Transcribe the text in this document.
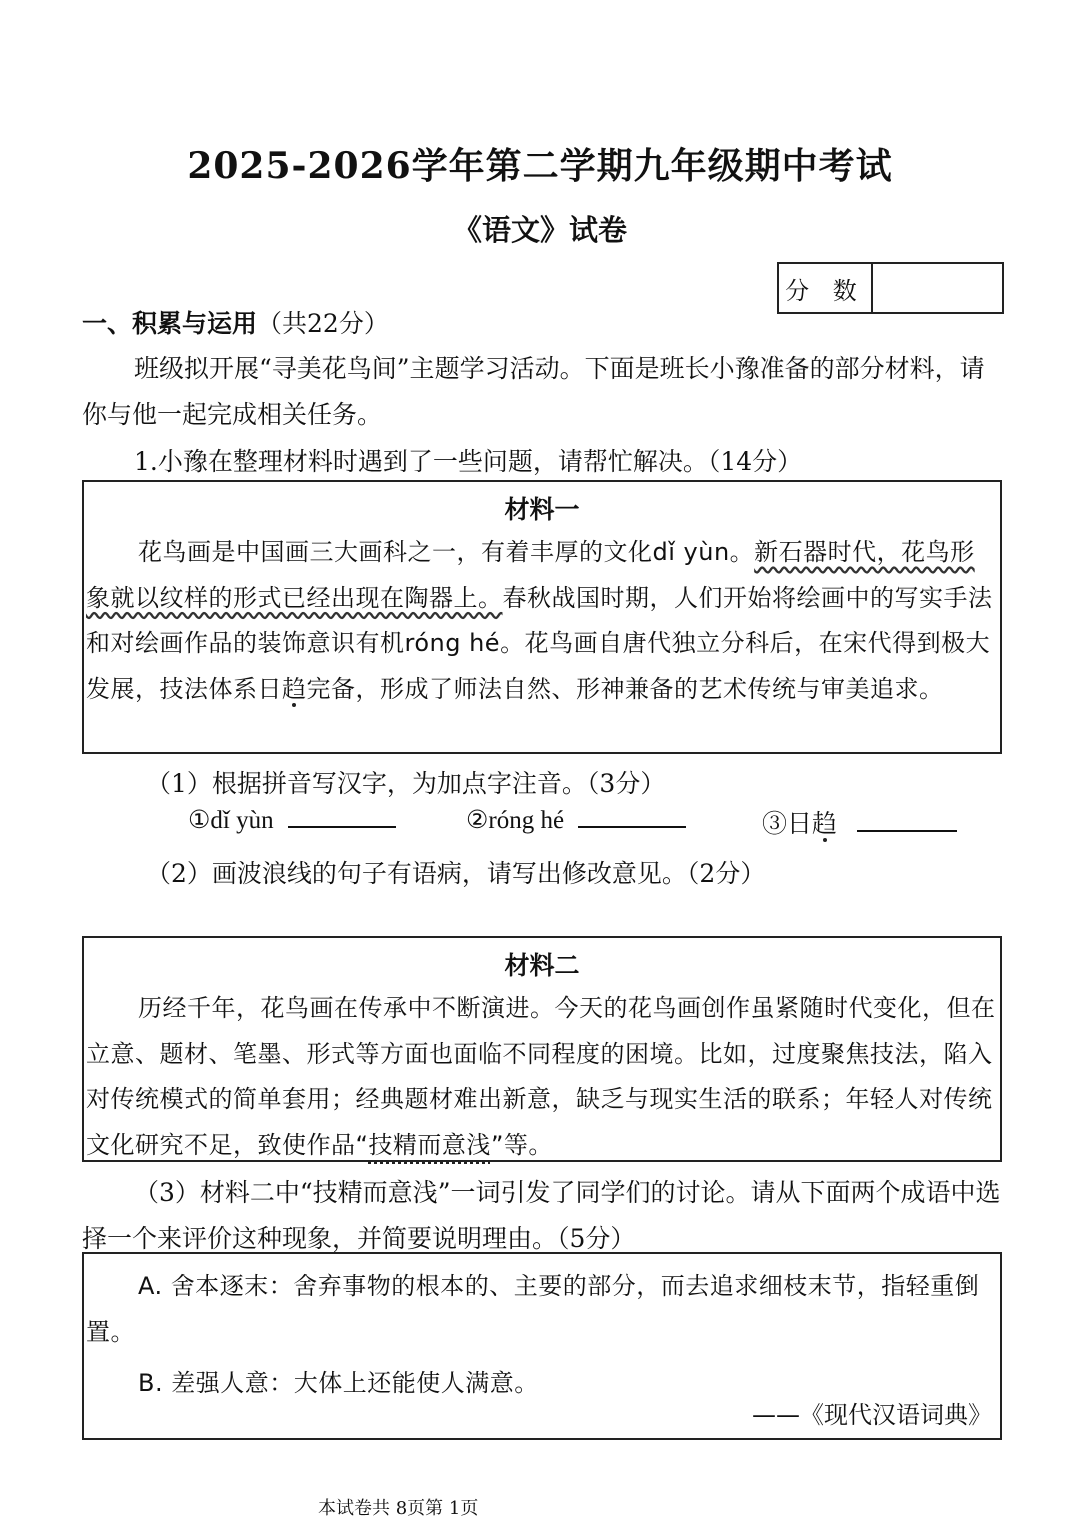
2025-2026学年第二学期九年级期中考试
《语文》试卷
分 数
一、积累与运用（共22分）
班级拟开展“寻美花鸟间”主题学习活动。下面是班长小豫准备的部分材料，请你与他一起完成相关任务。
1.小豫在整理材料时遇到了一些问题，请帮忙解决。（14分）
材料一
花鸟画是中国画三大画科之一，有着丰厚的文化dǐ yùn。新石器时代，花鸟形象就以纹样的形式已经出现在陶器上。春秋战国时期，人们开始将绘画中的写实手法和对绘画作品的装饰意识有机róng hé。花鸟画自唐代独立分科后，在宋代得到极大发展，技法体系日趋完备，形成了师法自然、形神兼备的艺术传统与审美追求。
（1）根据拼音写汉字，为加点字注音。（3分）
①dǐ yùn	②róng hé	③日趋
（2）画波浪线的句子有语病，请写出修改意见。（2分）
材料二
历经千年，花鸟画在传承中不断演进。今天的花鸟画创作虽紧随时代变化，但在立意、题材、笔墨、形式等方面也面临不同程度的困境。比如，过度聚焦技法，陷入对传统模式的简单套用；经典题材难出新意，缺乏与现实生活的联系；年轻人对传统文化研究不足，致使作品“技精而意浅”等。
（3）材料二中“技精而意浅”一词引发了同学们的讨论。请从下面两个成语中选择一个来评价这种现象，并简要说明理由。（5分）
A. 舍本逐末：舍弃事物的根本的、主要的部分，而去追求细枝末节，指轻重倒置。
B. 差强人意：大体上还能使人满意。
——《现代汉语词典》
本试卷共 8页第 1页
